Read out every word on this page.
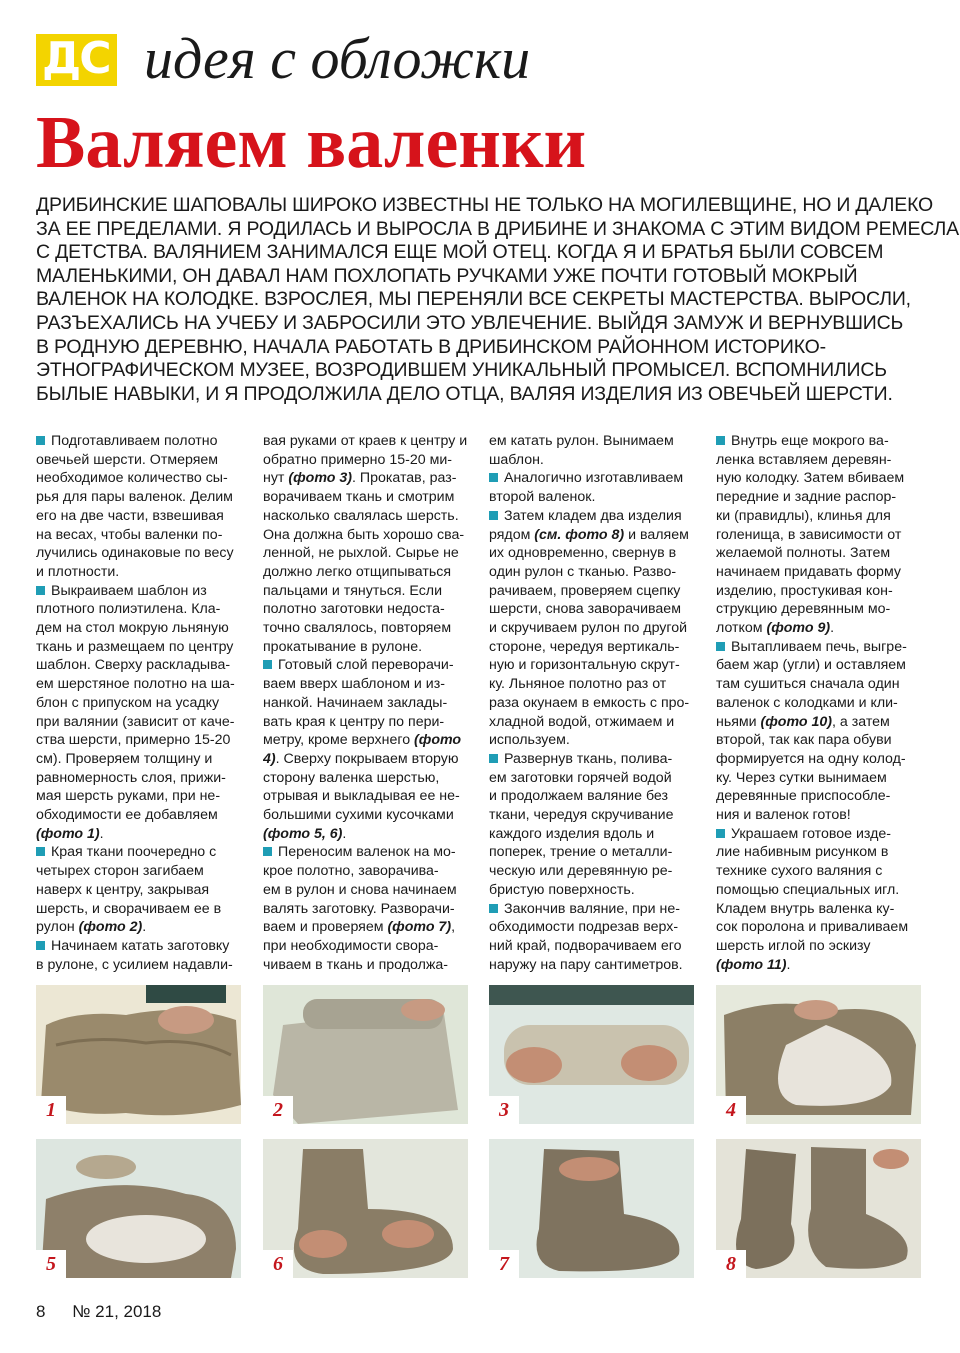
ДС идея с обложки
Валяем валенки
ДРИБИНСКИЕ ШАПОВАЛЫ ШИРОКО ИЗВЕСТНЫ НЕ ТОЛЬКО НА МОГИЛЕВЩИНЕ, НО И ДАЛЕКО
ЗА ЕЕ ПРЕДЕЛАМИ. Я РОДИЛАСЬ И ВЫРОСЛА В ДРИБИНЕ И ЗНАКОМА С ЭТИМ ВИДОМ РЕМЕСЛА
С ДЕТСТВА. ВАЛЯНИЕМ ЗАНИМАЛСЯ ЕЩЕ МОЙ ОТЕЦ. КОГДА Я И БРАТЬЯ БЫЛИ СОВСЕМ
МАЛЕНЬКИМИ, ОН ДАВАЛ НАМ ПОХЛОПАТЬ РУЧКАМИ УЖЕ ПОЧТИ ГОТОВЫЙ МОКРЫЙ
ВАЛЕНОК НА КОЛОДКЕ. ВЗРОСЛЕЯ, МЫ ПЕРЕНЯЛИ ВСЕ СЕКРЕТЫ МАСТЕРСТВА. ВЫРОСЛИ,
РАЗЪЕХАЛИСЬ НА УЧЕБУ И ЗАБРОСИЛИ ЭТО УВЛЕЧЕНИЕ. ВЫЙДЯ ЗАМУЖ И ВЕРНУВШИСЬ
В РОДНУЮ ДЕРЕВНЮ, НАЧАЛА РАБОТАТЬ В ДРИБИНСКОМ РАЙОННОМ ИСТОРИКО-
ЭТНОГРАФИЧЕСКОМ МУЗЕЕ, ВОЗРОДИВШЕМ УНИКАЛЬНЫЙ ПРОМЫСЕЛ. ВСПОМНИЛИСЬ
БЫЛЫЕ НАВЫКИ, И Я ПРОДОЛЖИЛА ДЕЛО ОТЦА, ВАЛЯЯ ИЗДЕЛИЯ ИЗ ОВЕЧЬЕЙ ШЕРСТИ.
Подготавливаем полотно
овечьей шерсти. Отмеряем
необходимое количество сы-
рья для пары валенок. Делим
его на две части, взвешивая
на весах, чтобы валенки по-
лучились одинаковые по весу
и плотности.
Выкраиваем шаблон из
плотного полиэтилена. Кла-
дем на стол мокрую льняную
ткань и размещаем по центру
шаблон. Сверху раскладыва-
ем шерстяное полотно на ша-
блон с припуском на усадку
при валянии (зависит от каче-
ства шерсти, примерно 15-20
см). Проверяем толщину и
равномерность слоя, прижи-
мая шерсть руками, при не-
обходимости ее добавляем
(фото 1).
Края ткани поочередно с
четырех сторон загибаем
наверх к центру, закрывая
шерсть, и сворачиваем ее в
рулон (фото 2).
Начинаем катать заготовку
в рулоне, с усилием надавли-
вая руками от краев к центру и
обратно примерно 15-20 ми-
нут (фото 3). Прокатав, раз-
ворачиваем ткань и смотрим
насколько свалялась шерсть.
Она должна быть хорошо сва-
ленной, не рыхлой. Сырье не
должно легко отщипываться
пальцами и тянуться. Если
полотно заготовки недоста-
точно свалялось, повторяем
прокатывание в рулоне.
Готовый слой переворачи-
ваем вверх шаблоном и из-
нанкой. Начинаем заклады-
вать края к центру по пери-
метру, кроме верхнего (фото
4). Сверху покрываем вторую
сторону валенка шерстью,
отрывая и выкладывая ее не-
большими сухими кусочками
(фото 5, 6).
Переносим валенок на мо-
крое полотно, заворачива-
ем в рулон и снова начинаем
валять заготовку. Разворачи-
ваем и проверяем (фото 7),
при необходимости свора-
чиваем в ткань и продолжа-
ем катать рулон. Вынимаем
шаблон.
Аналогично изготавливаем
второй валенок.
Затем кладем два изделия
рядом (см. фото 8) и валяем
их одновременно, свернув в
один рулон с тканью. Разво-
рачиваем, проверяем сцепку
шерсти, снова заворачиваем
и скручиваем рулон по другой
стороне, чередуя вертикаль-
ную и горизонтальную скрут-
ку. Льняное полотно раз от
раза окунаем в емкость с про-
хладной водой, отжимаем и
используем.
Развернув ткань, полива-
ем заготовки горячей водой
и продолжаем валяние без
ткани, чередуя скручивание
каждого изделия вдоль и
поперек, трение о металли-
ческую или деревянную ре-
бристую поверхность.
Закончив валяние, при не-
обходимости подрезав верх-
ний край, подворачиваем его
наружу на пару сантиметров.
Внутрь еще мокрого ва-
ленка вставляем деревян-
ную колодку. Затем вбиваем
передние и задние распор-
ки (правидлы), клинья для
голенища, в зависимости от
желаемой полноты. Затем
начинаем придавать форму
изделию, простукивая кон-
струкцию деревянным мо-
лотком (фото 9).
Вытапливаем печь, выгре-
баем жар (угли) и оставляем
там сушиться сначала один
валенок с колодками и кли-
ньями (фото 10), а затем
второй, так как пара обуви
формируется на одну колод-
ку. Через сутки вынимаем
деревянные приспособле-
ния и валенок готов!
Украшаем готовое изде-
лие набивным рисунком в
технике сухого валяния с
помощью специальных игл.
Кладем внутрь валенка ку-
сок поролона и приваливаем
шерсть иглой по эскизу
(фото 11).
1	2	3	4
5	6	7	8
8 № 21, 2018
